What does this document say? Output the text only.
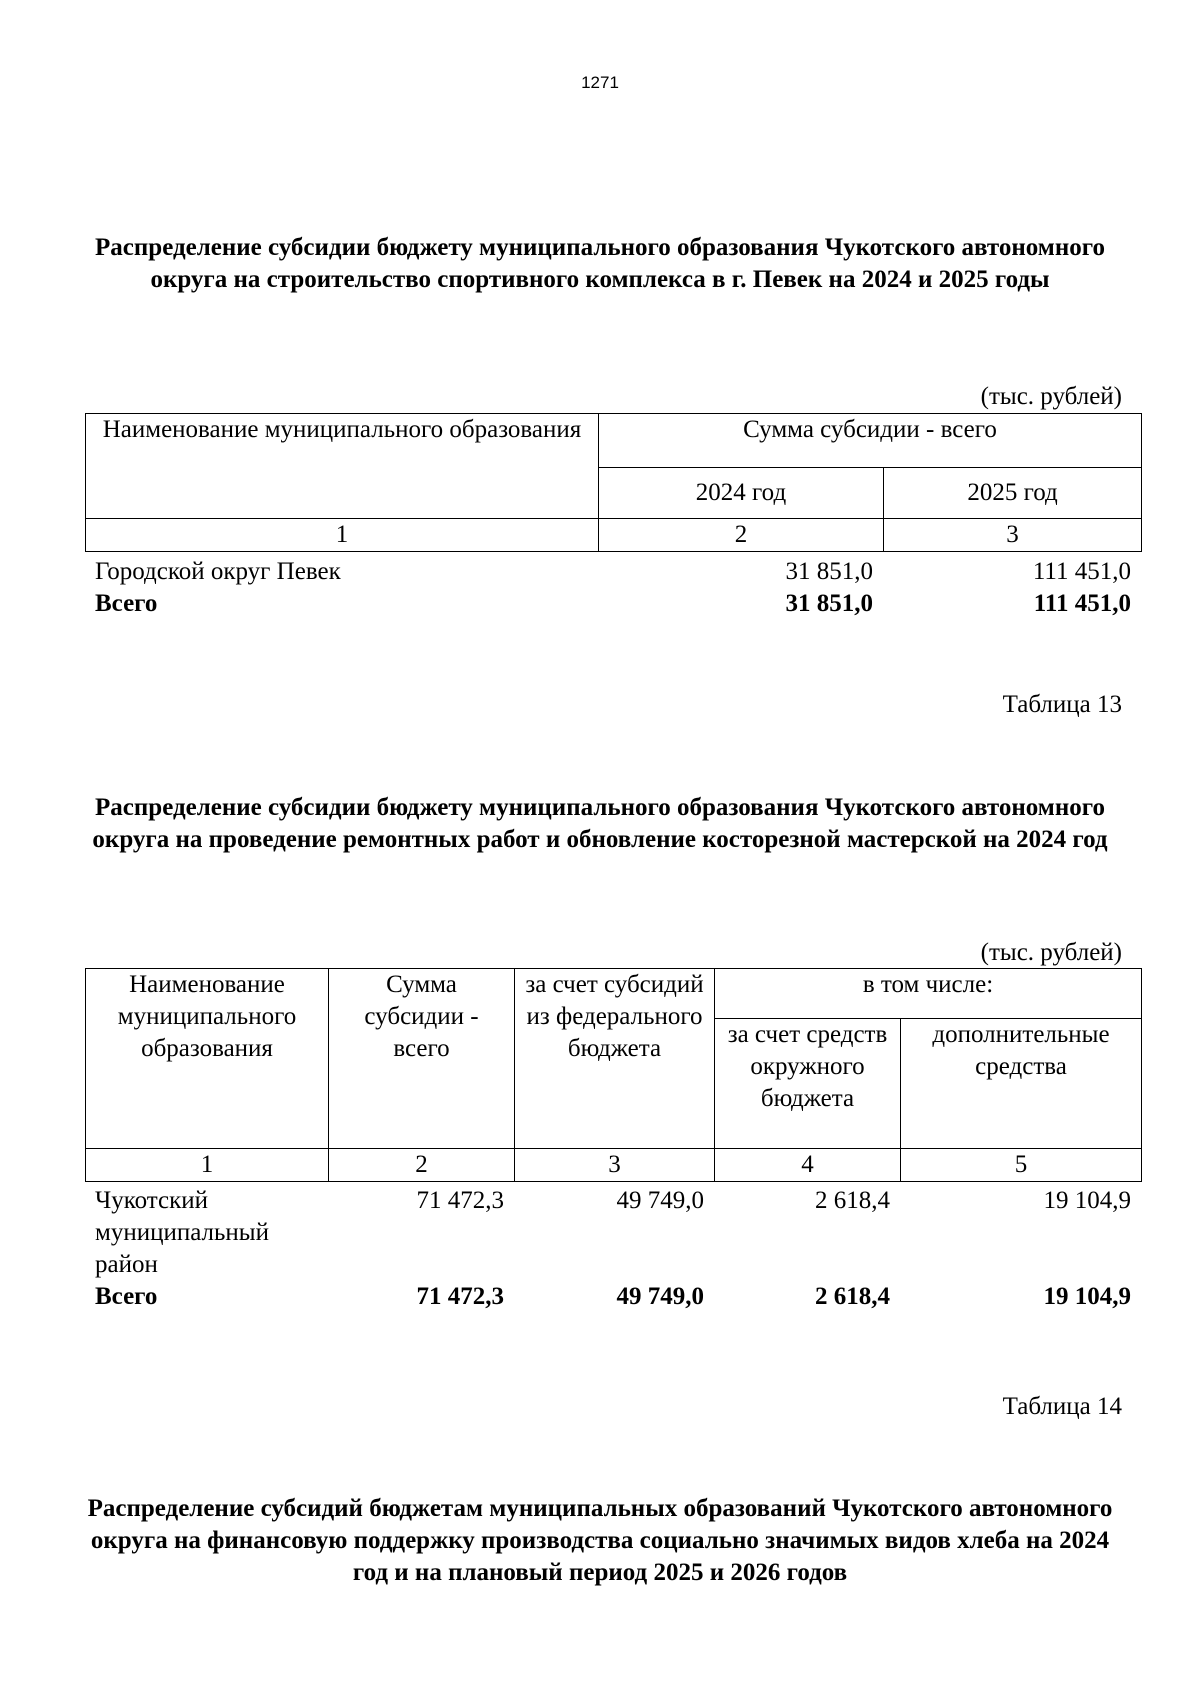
1271
Распределение субсидии бюджету муниципального образования Чукотского автономного округа на строительство спортивного комплекса в г. Певек на 2024 и 2025 годы
(тыс. рублей)
Наименование муниципального образования	Сумма субсидии - всего	
	2024 год	2025 год
1	2	3
Городской округ Певек	31 851,0	111 451,0
Всего	31 851,0	111 451,0
Таблица 13
Распределение субсидии бюджету муниципального образования Чукотского автономного округа на проведение ремонтных работ и обновление косторезной мастерской на 2024 год
(тыс. рублей)
Наименование муниципального образования	Сумма субсидии - всего	за счет субсидий из федерального бюджета	в том числе:	
			за счет средств окружного бюджета	дополнительные средства
1	2	3	4	5
Чукотский муниципальный район	71 472,3	49 749,0	2 618,4	19 104,9
Всего	71 472,3	49 749,0	2 618,4	19 104,9
Таблица 14
Распределение субсидий бюджетам муниципальных образований Чукотского автономного округа на финансовую поддержку производства социально значимых видов хлеба на 2024 год и на плановый период 2025 и 2026 годов
